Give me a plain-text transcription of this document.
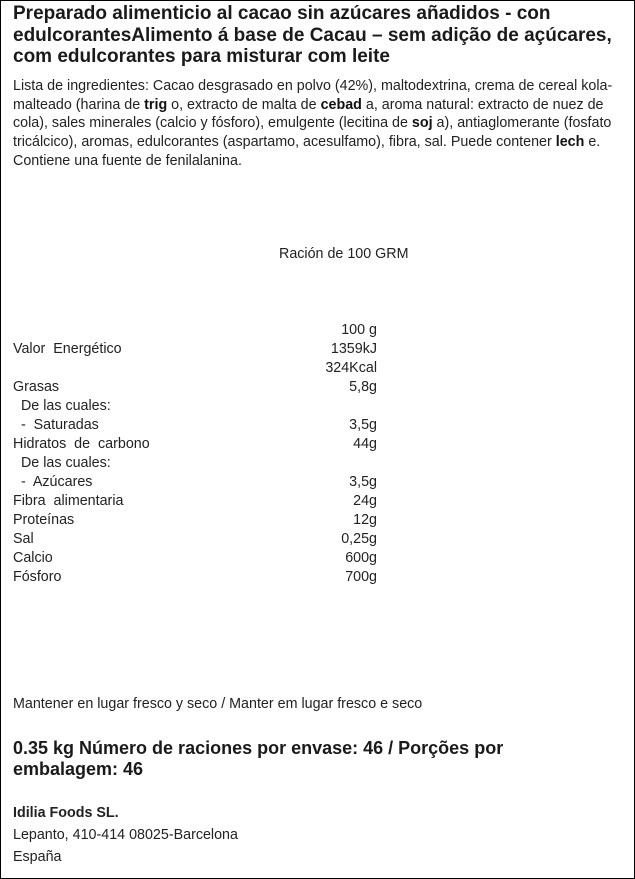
Preparado alimenticio al cacao sin azúcares añadidos - con edulcorantesAlimento á base de Cacau – sem adição de açúcares, com edulcorantes para misturar com leite
Lista de ingredientes: Cacao desgrasado en polvo (42%), maltodextrina, crema de cereal kola-malteado (harina de trig o, extracto de malta de cebad a, aroma natural: extracto de nuez de cola), sales minerales (calcio y fósforo), emulgente (lecitina de soj a), antiaglomerante (fosfato tricálcico), aromas, edulcorantes (aspartamo, acesulfamo), fibra, sal. Puede contener lech e. Contiene una fuente de fenilalanina.
Ración de 100 GRM
100 g
Valor  Energético	1359kJ
324Kcal
Grasas	5,8g
De las cuales:
-  Saturadas	3,5g
Hidratos  de  carbono	44g
De las cuales:
-  Azúcares	3,5g
Fibra  alimentaria	24g
Proteínas	12g
Sal	0,25g
Calcio	600g
Fósforo	700g
Mantener en lugar fresco y seco / Manter em lugar fresco e seco
0.35 kg Número de raciones por envase: 46 / Porções por embalagem: 46
Idilia Foods SL.
Lepanto, 410-414 08025-Barcelona
España
